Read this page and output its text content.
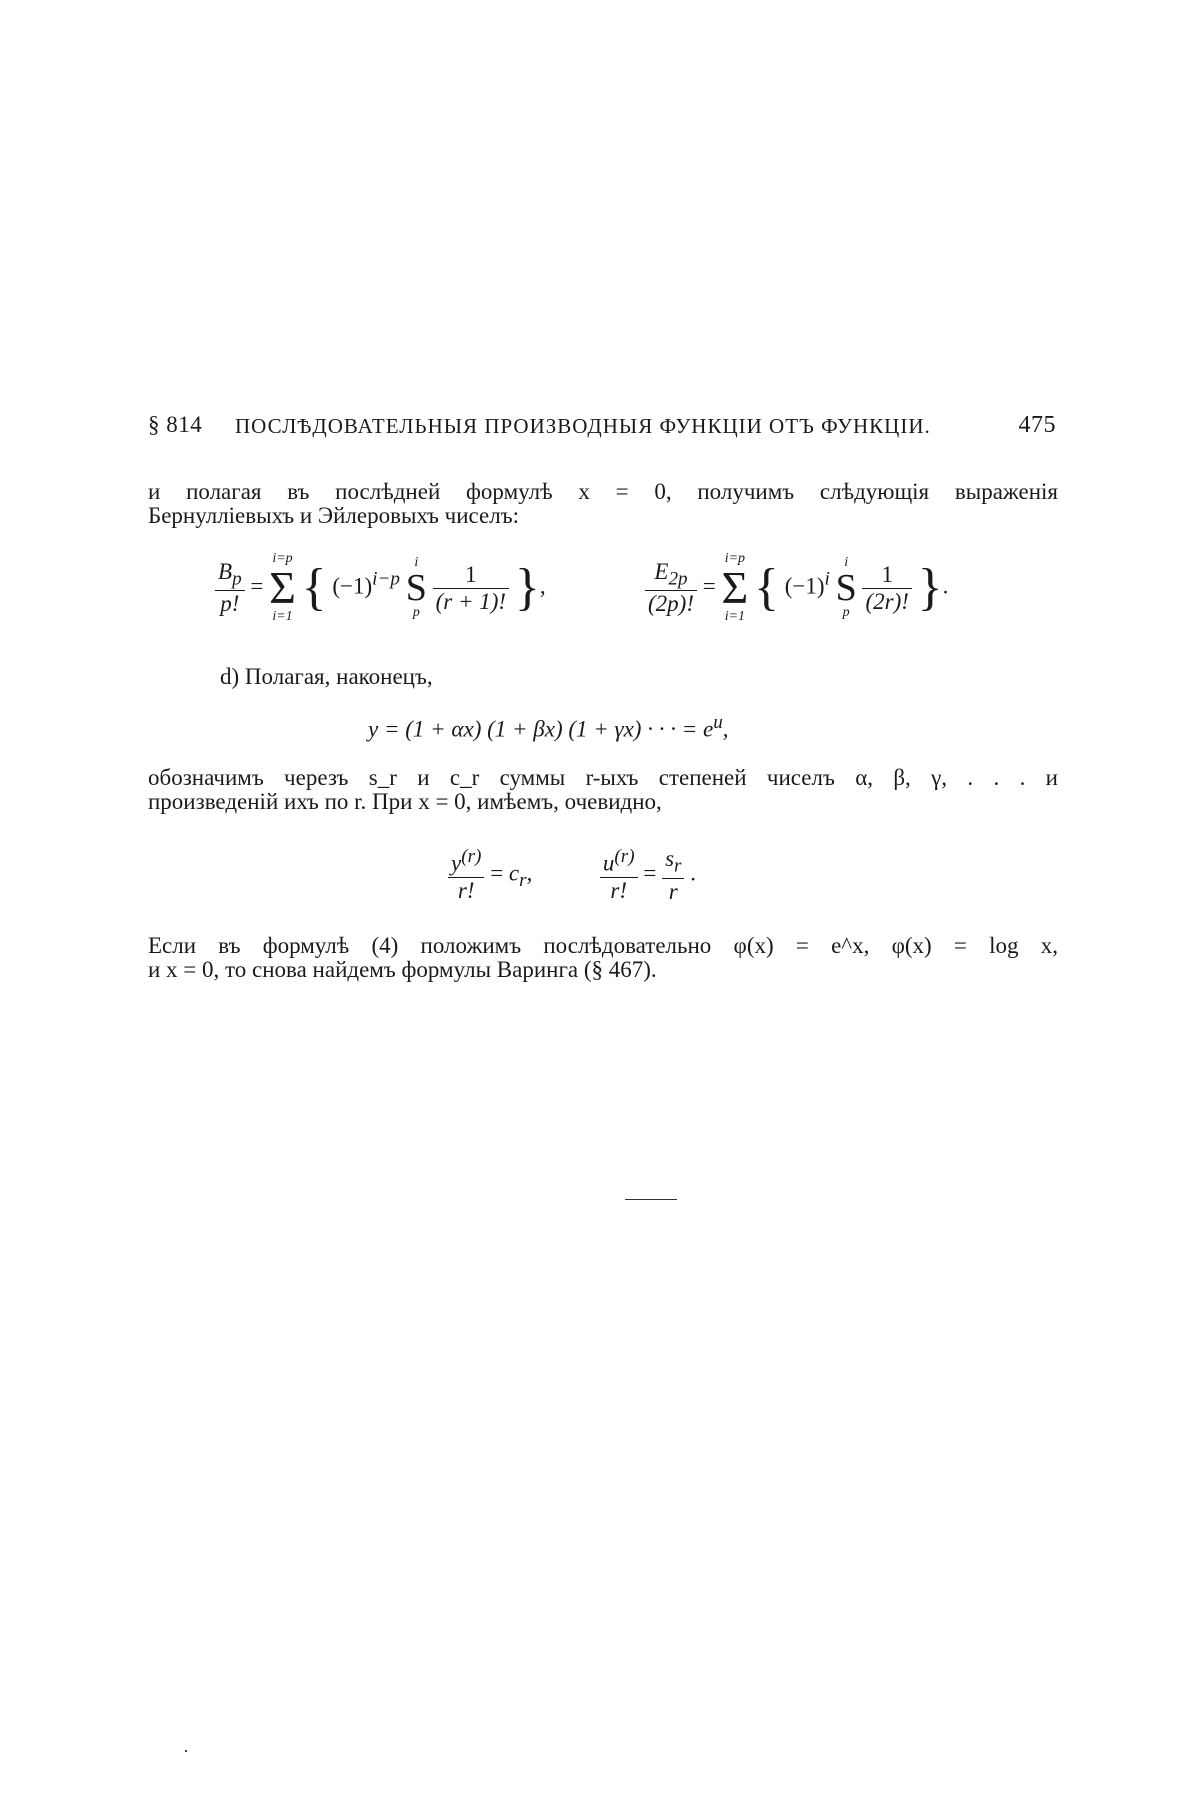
§ 814 ПОСЛѢДОВАТЕЛЬНЫЯ ПРОИЗВОДНЫЯ ФУНКЦІИ ОТЪ ФУНКЦІИ.	475
и полагая въ послѣдней формулѣ x = 0, получимъ слѣдующія выраженія
Бернулліевыхъ и Эйлеровыхъ чиселъ:
$\frac{B_p}{p!} = i=p$
Σ
i=1 { $(-1)^{i-p}$ i
S
p $\frac{1}{(r + 1)!}$ },	$\frac{E_{2p}}{(2p)!} = i=p$
Σ
i=1 { $(-1)^i$ i
S
p $\frac{1}{(2r)!}$ }.
d) Полагая, наконецъ,
y = (1 + αx) (1 + βx) (1 + γx) · · · = $e^u$,
обозначимъ черезъ s_r и c_r суммы r-ыхъ степеней чиселъ α, β, γ, . . . и
произведеній ихъ по r. При x = 0, имѣемъ, очевидно,
$\frac{y^{(r)}}{r!} = c_r$,	$\frac{u^{(r)}}{r!} = \frac{s_r}{r}$ .
Если въ формулѣ (4) положимъ послѣдовательно φ(x) = e^x, φ(x) = log x,
и x = 0, то снова найдемъ формулы Варинга (§ 467).
